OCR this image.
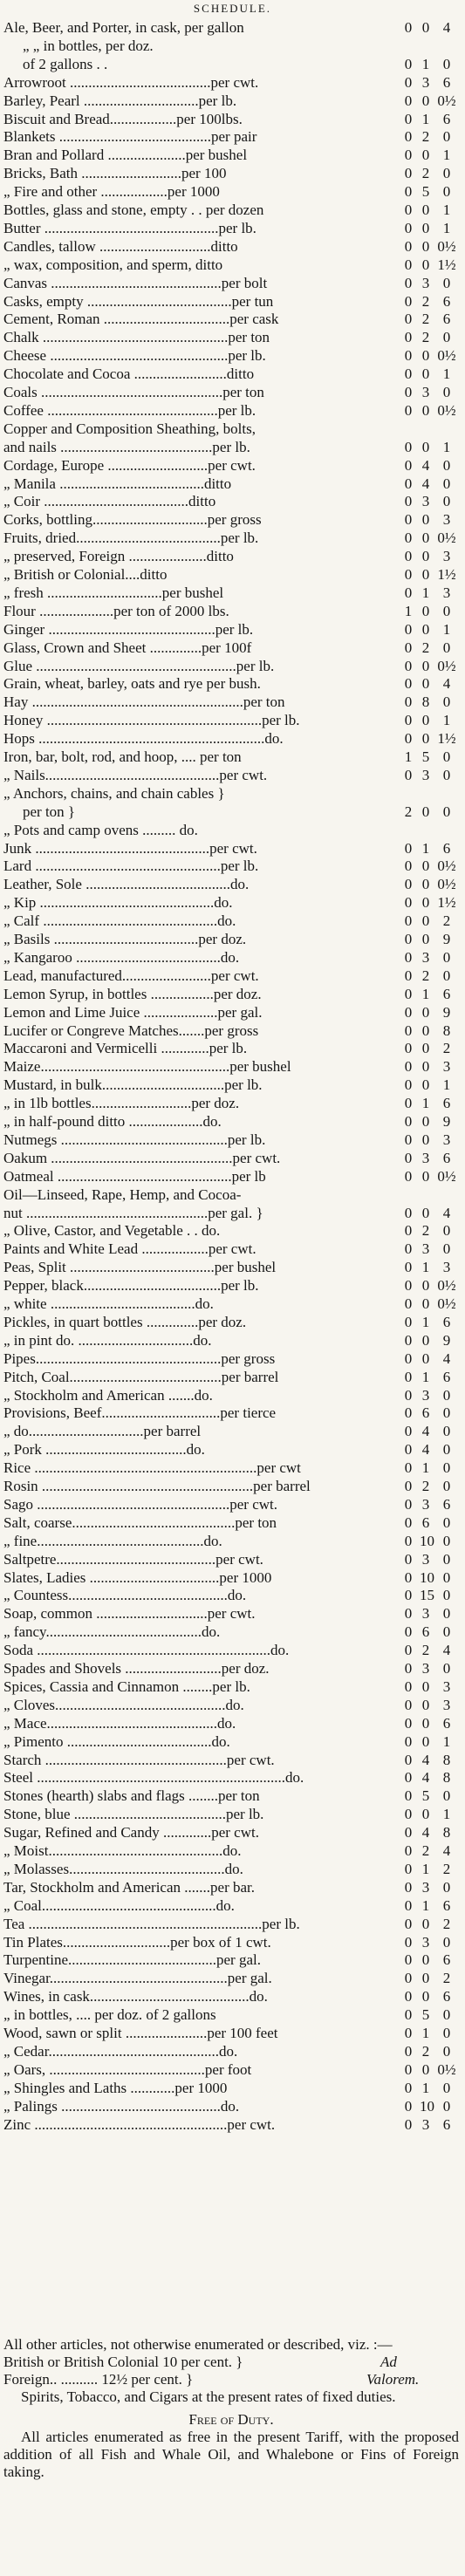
SCHEDULE.
Ale, Beer, and Porter, in cask, per gallon	0 0 4
„ „ in bottles, per doz.
of 2 gallons . .	0 1 0
Arrowroot ......................................per cwt.	0 3 6
Barley, Pearl ...............................per lb.	0 0 0½
Biscuit and Bread..................per 100lbs.	0 1 6
Blankets .........................................per pair	0 2 0
Bran and Pollard .....................per bushel	0 0 1
Bricks, Bath ...........................per 100	0 2 0
„ Fire and other ..................per 1000	0 5 0
Bottles, glass and stone, empty . . per dozen	0 0 1
Butter ...............................................per lb.	0 0 1
Candles, tallow ..............................ditto	0 0 0½
„ wax, composition, and sperm, ditto	0 0 1½
Canvas ..............................................per bolt	0 3 0
Casks, empty .......................................per tun	0 2 6
Cement, Roman ..................................per cask	0 2 6
Chalk ..................................................per ton	0 2 0
Cheese ................................................per lb.	0 0 0½
Chocolate and Cocoa .........................ditto	0 0 1
Coals .................................................per ton	0 3 0
Coffee ..............................................per lb.	0 0 0½
Copper and Composition Sheathing, bolts,
and nails .........................................per lb.	0 0 1
Cordage, Europe ...........................per cwt.	0 4 0
„ Manila .......................................ditto	0 4 0
„ Coir .......................................ditto	0 3 0
Corks, bottling...............................per gross	0 0 3
Fruits, dried.......................................per lb.	0 0 0½
„ preserved, Foreign .....................ditto	0 0 3
„ British or Colonial....ditto	0 0 1½
„ fresh ...............................per bushel	0 1 3
Flour ....................per ton of 2000 lbs.	1 0 0
Ginger .............................................per lb.	0 0 1
Glass, Crown and Sheet ..............per 100f	0 2 0
Glue ......................................................per lb.	0 0 0½
Grain, wheat, barley, oats and rye per bush.	0 0 4
Hay .........................................................per ton	0 8 0
Honey ..........................................................per lb.	0 0 1
Hops .............................................................do.	0 0 1½
Iron, bar, bolt, rod, and hoop, .... per ton	1 5 0
„ Nails...............................................per cwt.	0 3 0
„ Anchors, chains, and chain cables }
per ton }	2 0 0
„ Pots and camp ovens ......... do.
Junk ...............................................per cwt.	0 1 6
Lard ..................................................per lb.	0 0 0½
Leather, Sole .......................................do.	0 0 0½
„ Kip ...............................................do.	0 0 1½
„ Calf ...............................................do.	0 0 2
„ Basils .......................................per doz.	0 0 9
„ Kangaroo .......................................do.	0 3 0
Lead, manufactured........................per cwt.	0 2 0
Lemon Syrup, in bottles .................per doz.	0 1 6
Lemon and Lime Juice ....................per gal.	0 0 9
Lucifer or Congreve Matches.......per gross	0 0 8
Maccaroni and Vermicelli .............per lb.	0 0 2
Maize...................................................per bushel	0 0 3
Mustard, in bulk.................................per lb.	0 0 1
„ in 1lb bottles...........................per doz.	0 1 6
„ in half-pound ditto ....................do.	0 0 9
Nutmegs .............................................per lb.	0 0 3
Oakum .................................................per cwt.	0 3 6
Oatmeal ...............................................per lb	0 0 0½
Oil—Linseed, Rape, Hemp, and Cocoa-
nut .................................................per gal. }	0 0 4
„ Olive, Castor, and Vegetable . . do.	0 2 0
Paints and White Lead ..................per cwt.	0 3 0
Peas, Split .......................................per bushel	0 1 3
Pepper, black.....................................per lb.	0 0 0½
„ white .......................................do.	0 0 0½
Pickles, in quart bottles ..............per doz.	0 1 6
„ in pint do. ...............................do.	0 0 9
Pipes..................................................per gross	0 0 4
Pitch, Coal.........................................per barrel	0 1 6
„ Stockholm and American .......do.	0 3 0
Provisions, Beef................................per tierce	0 6 0
„ do...............................per barrel	0 4 0
„ Pork ......................................do.	0 4 0
Rice ............................................................per cwt	0 1 0
Rosin .........................................................per barrel	0 2 0
Sago ....................................................per cwt.	0 3 6
Salt, coarse............................................per ton	0 6 0
„ fine.............................................do.	0 10 0
Saltpetre...........................................per cwt.	0 3 0
Slates, Ladies ...................................per 1000	0 10 0
„ Countess...........................................do.	0 15 0
Soap, common ..............................per cwt.	0 3 0
„ fancy..........................................do.	0 6 0
Soda ...............................................................do.	0 2 4
Spades and Shovels ..........................per doz.	0 3 0
Spices, Cassia and Cinnamon ........per lb.	0 0 3
„ Cloves..............................................do.	0 0 3
„ Mace..............................................do.	0 0 6
„ Pimento .......................................do.	0 0 1
Starch .................................................per cwt.	0 4 8
Steel ...................................................................do.	0 4 8
Stones (hearth) slabs and flags ........per ton	0 5 0
Stone, blue .........................................per lb.	0 0 1
Sugar, Refined and Candy .............per cwt.	0 4 8
„ Moist...............................................do.	0 2 4
„ Molasses..........................................do.	0 1 2
Tar, Stockholm and American .......per bar.	0 3 0
„ Coal...............................................do.	0 1 6
Tea ...............................................................per lb.	0 0 2
Tin Plates.............................per box of 1 cwt.	0 3 0
Turpentine........................................per gal.	0 0 6
Vinegar................................................per gal.	0 0 2
Wines, in cask...........................................do.	0 0 6
„ in bottles, .... per doz. of 2 gallons	0 5 0
Wood, sawn or split ......................per 100 feet	0 1 0
„ Cedar..............................................do.	0 2 0
„ Oars, ..........................................per foot	0 0 0½
„ Shingles and Laths ............per 1000	0 1 0
„ Palings ...........................................do.	0 10 0
Zinc ....................................................per cwt.	0 3 6
All other articles, not otherwise enumerated or described, viz. :—
British or British Colonial 10 per cent. }	Ad
Foreign.. .......... 12½ per cent. }	Valorem.
Spirits, Tobacco, and Cigars at the present rates of fixed duties.
Free of Duty.
All articles enumerated as free in the present Tariff, with the proposed addition of all Fish and Whale Oil, and Whalebone or Fins of Foreign taking.
